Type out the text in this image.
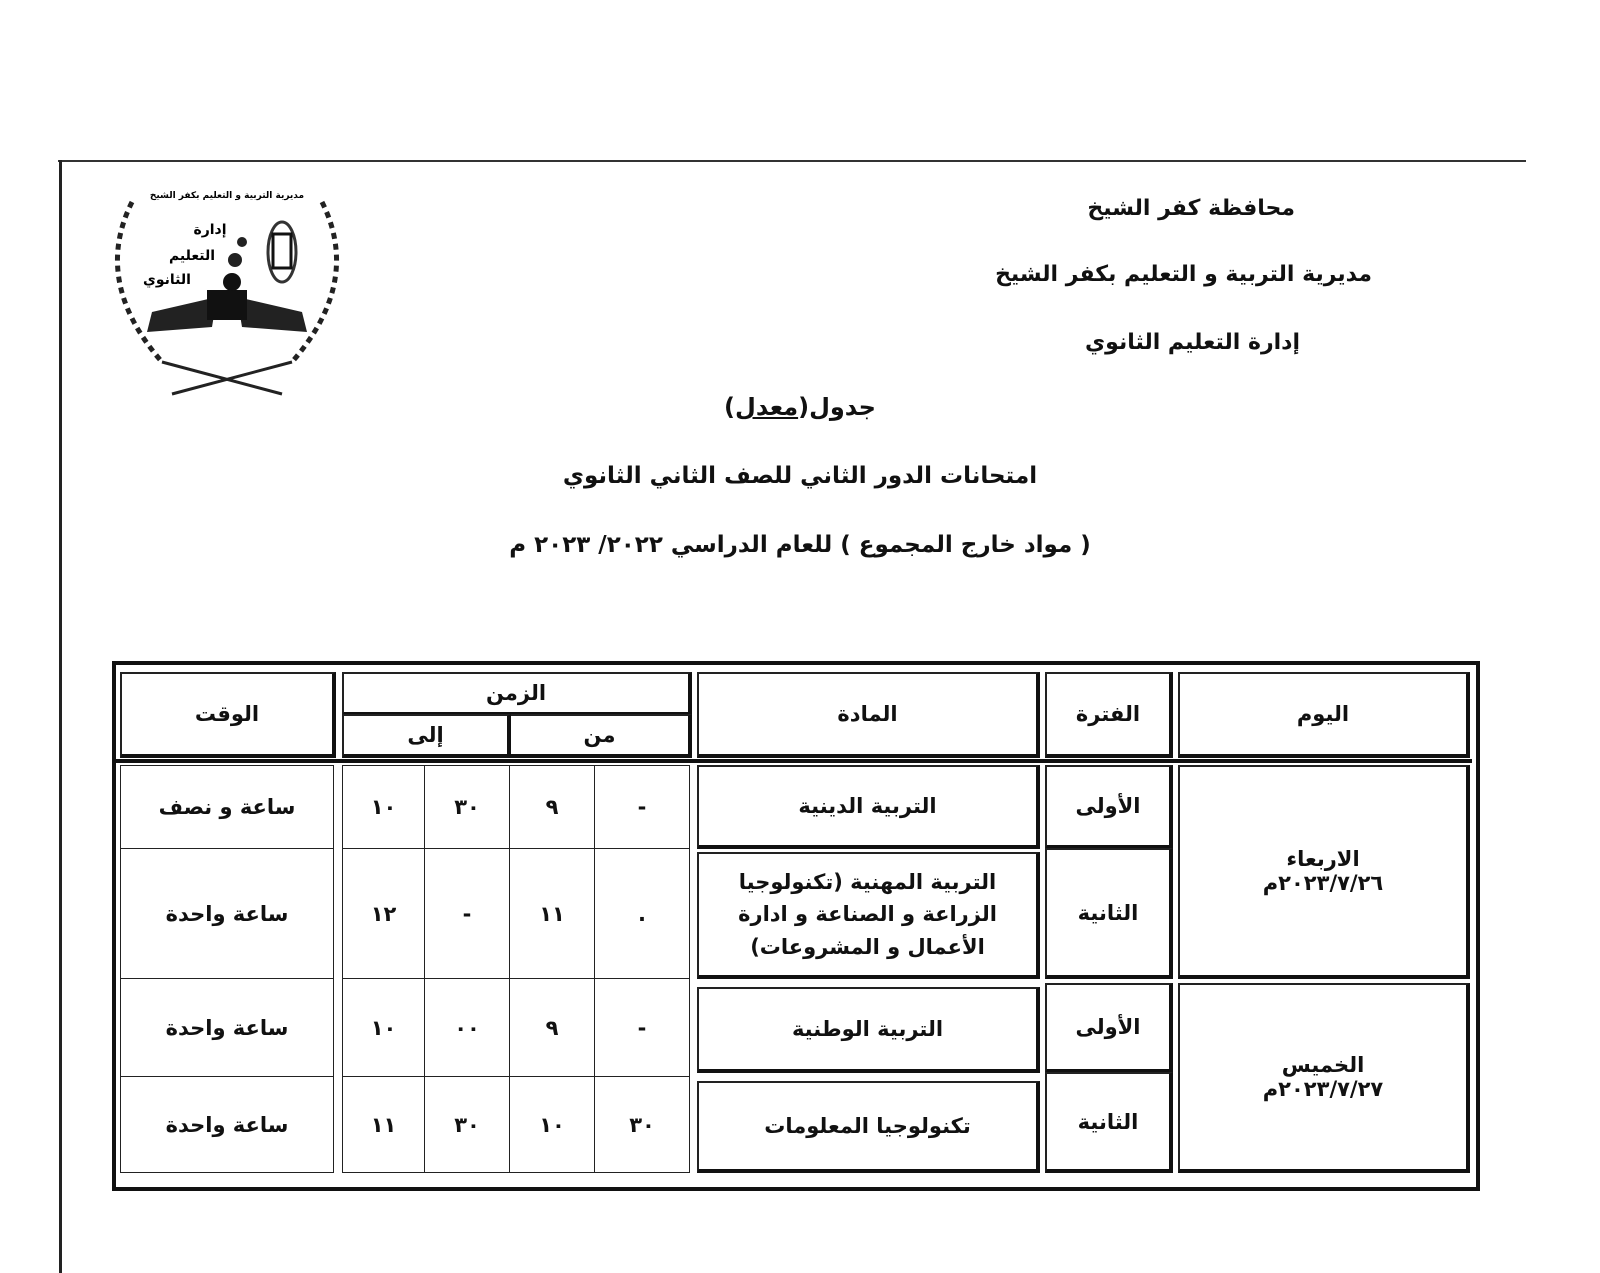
مديرية التربية و التعليم بكفر الشيخ
إدارة
التعليم
الثانوي
محافظة كفر الشيخ
مديرية التربية و التعليم بكفر الشيخ
إدارة التعليم الثانوي
جدول(معدل)
امتحانات الدور الثاني للصف الثاني الثانوي
( مواد خارج المجموع ) للعام الدراسي ٢٠٢٢/ ٢٠٢٣ م
اليوم
الفترة
المادة
الزمن
من
إلى
الوقت
الاربعاء
٢٠٢٣/٧/٢٦م
الخميس
٢٠٢٣/٧/٢٧م
الأولى
التربية الدينية
-
٩
٣٠
١٠
ساعة و نصف
الثانية
التربية المهنية (تكنولوجيا الزراعة و الصناعة و ادارة الأعمال و المشروعات)
.
١١
-
١٢
ساعة واحدة
الأولى
التربية الوطنية
-
٩
٠٠
١٠
ساعة واحدة
الثانية
تكنولوجيا المعلومات
٣٠
١٠
٣٠
١١
ساعة واحدة
